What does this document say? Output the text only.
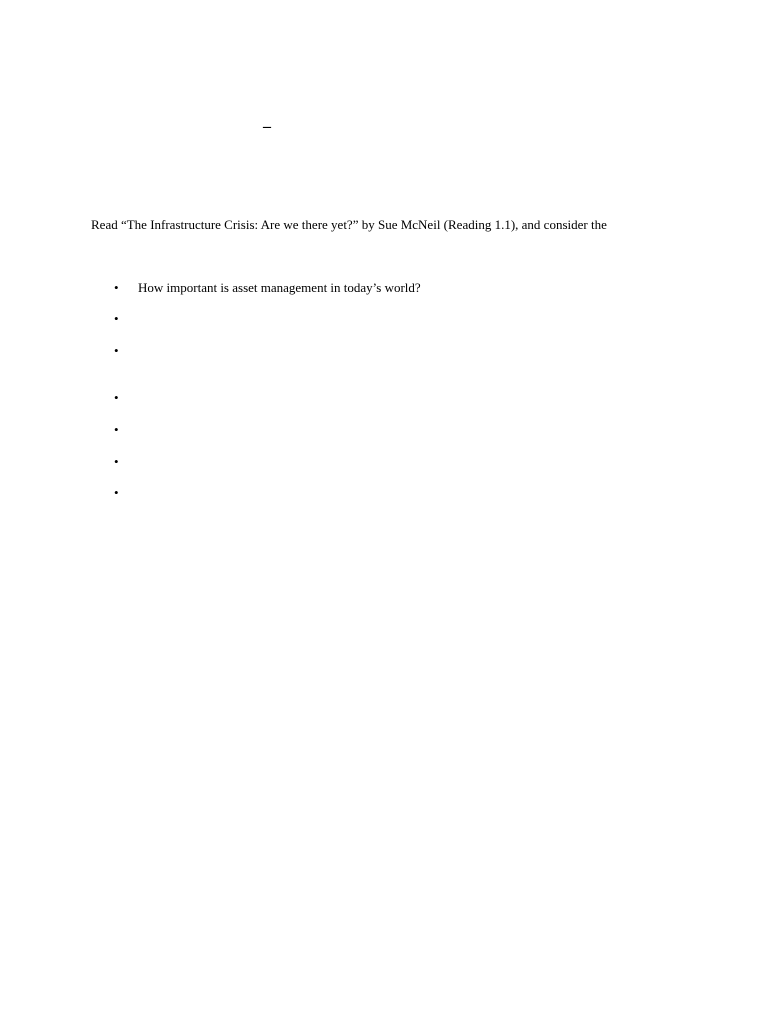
–
Read “The Infrastructure Crisis: Are we there yet?” by Sue McNeil (Reading 1.1), and consider the
• How important is asset management in today’s world?
•
•
•
•
•
•
